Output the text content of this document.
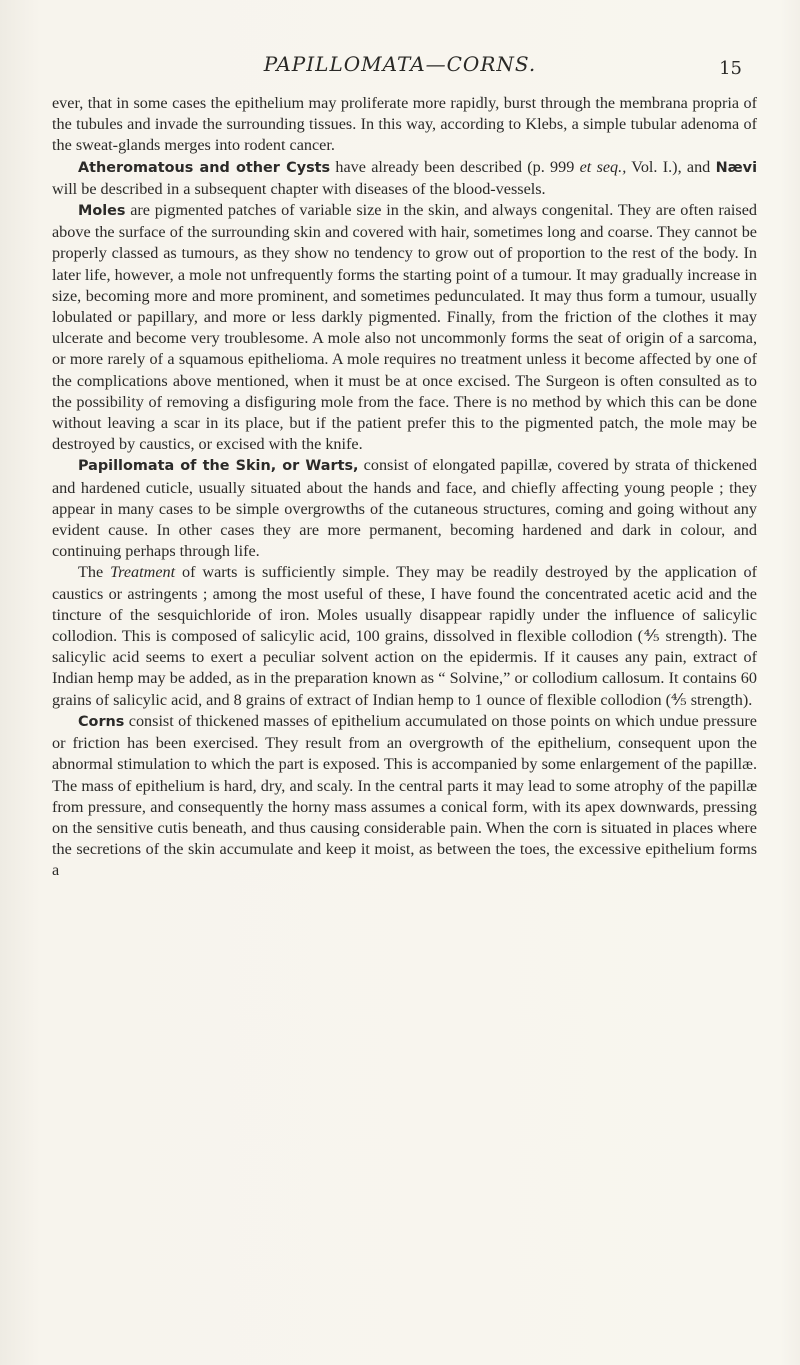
PAPILLOMATA—CORNS.	15

ever, that in some cases the epithelium may proliferate more rapidly, burst through the membrana propria of the tubules and invade the surrounding tissues. In this way, according to Klebs, a simple tubular adenoma of the sweat-glands merges into rodent cancer.

Atheromatous and other Cysts have already been described (p. 999 et seq., Vol. I.), and Nævi will be described in a subsequent chapter with diseases of the blood-vessels.

Moles are pigmented patches of variable size in the skin, and always congenital. They are often raised above the surface of the surrounding skin and covered with hair, sometimes long and coarse. They cannot be properly classed as tumours, as they show no tendency to grow out of proportion to the rest of the body. In later life, however, a mole not unfrequently forms the starting point of a tumour. It may gradually increase in size, becoming more and more prominent, and sometimes pedunculated. It may thus form a tumour, usually lobulated or papillary, and more or less darkly pigmented. Finally, from the friction of the clothes it may ulcerate and become very troublesome. A mole also not uncommonly forms the seat of origin of a sarcoma, or more rarely of a squamous epithelioma. A mole requires no treatment unless it become affected by one of the complications above mentioned, when it must be at once excised. The Surgeon is often consulted as to the possibility of removing a disfiguring mole from the face. There is no method by which this can be done without leaving a scar in its place, but if the patient prefer this to the pigmented patch, the mole may be destroyed by caustics, or excised with the knife.

Papillomata of the Skin, or Warts, consist of elongated papillæ, covered by strata of thickened and hardened cuticle, usually situated about the hands and face, and chiefly affecting young people ; they appear in many cases to be simple overgrowths of the cutaneous structures, coming and going without any evident cause. In other cases they are more permanent, becoming hardened and dark in colour, and continuing perhaps through life.

The Treatment of warts is sufficiently simple. They may be readily destroyed by the application of caustics or astringents ; among the most useful of these, I have found the concentrated acetic acid and the tincture of the sesquichloride of iron. Moles usually disappear rapidly under the influence of salicylic collodion. This is composed of salicylic acid, 100 grains, dissolved in flexible collodion (⅘ strength). The salicylic acid seems to exert a peculiar solvent action on the epidermis. If it causes any pain, extract of Indian hemp may be added, as in the preparation known as “ Solvine,” or collodium callosum. It contains 60 grains of salicylic acid, and 8 grains of extract of Indian hemp to 1 ounce of flexible collodion (⅘ strength).

Corns consist of thickened masses of epithelium accumulated on those points on which undue pressure or friction has been exercised. They result from an overgrowth of the epithelium, consequent upon the abnormal stimulation to which the part is exposed. This is accompanied by some enlargement of the papillæ. The mass of epithelium is hard, dry, and scaly. In the central parts it may lead to some atrophy of the papillæ from pressure, and consequently the horny mass assumes a conical form, with its apex downwards, pressing on the sensitive cutis beneath, and thus causing considerable pain. When the corn is situated in places where the secretions of the skin accumulate and keep it moist, as between the toes, the excessive epithelium forms a
